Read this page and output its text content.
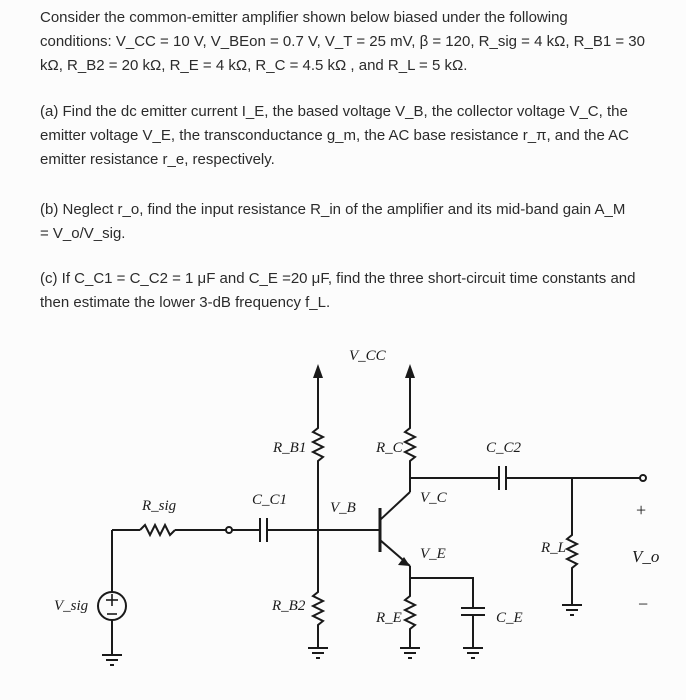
Consider the common-emitter amplifier shown below biased under the following
conditions: V_CC = 10 V, V_BEon = 0.7 V, V_T = 25 mV, β = 120, R_sig = 4 kΩ, R_B1 = 30
kΩ, R_B2 = 20 kΩ, R_E = 4 kΩ, R_C = 4.5 kΩ , and R_L = 5 kΩ.
(a) Find the dc emitter current I_E, the based voltage V_B, the collector voltage V_C, the
emitter voltage V_E, the transconductance g_m, the AC base resistance r_π, and the AC
emitter resistance r_e, respectively.
(b) Neglect r_o, find the input resistance R_in of the amplifier and its mid-band gain A_M
= V_o/V_sig.
(c) If C_C1 = C_C2 = 1 μF and C_E =20 μF, find the three short-circuit time constants and
then estimate the lower 3-dB frequency f_L.
V_CC
R_B1	R_C	C_C2
R_sig	C_C1	V_B
V_C
V_E	R_L
V_sig	R_B2
R_E	C_E
V_o
+
−
